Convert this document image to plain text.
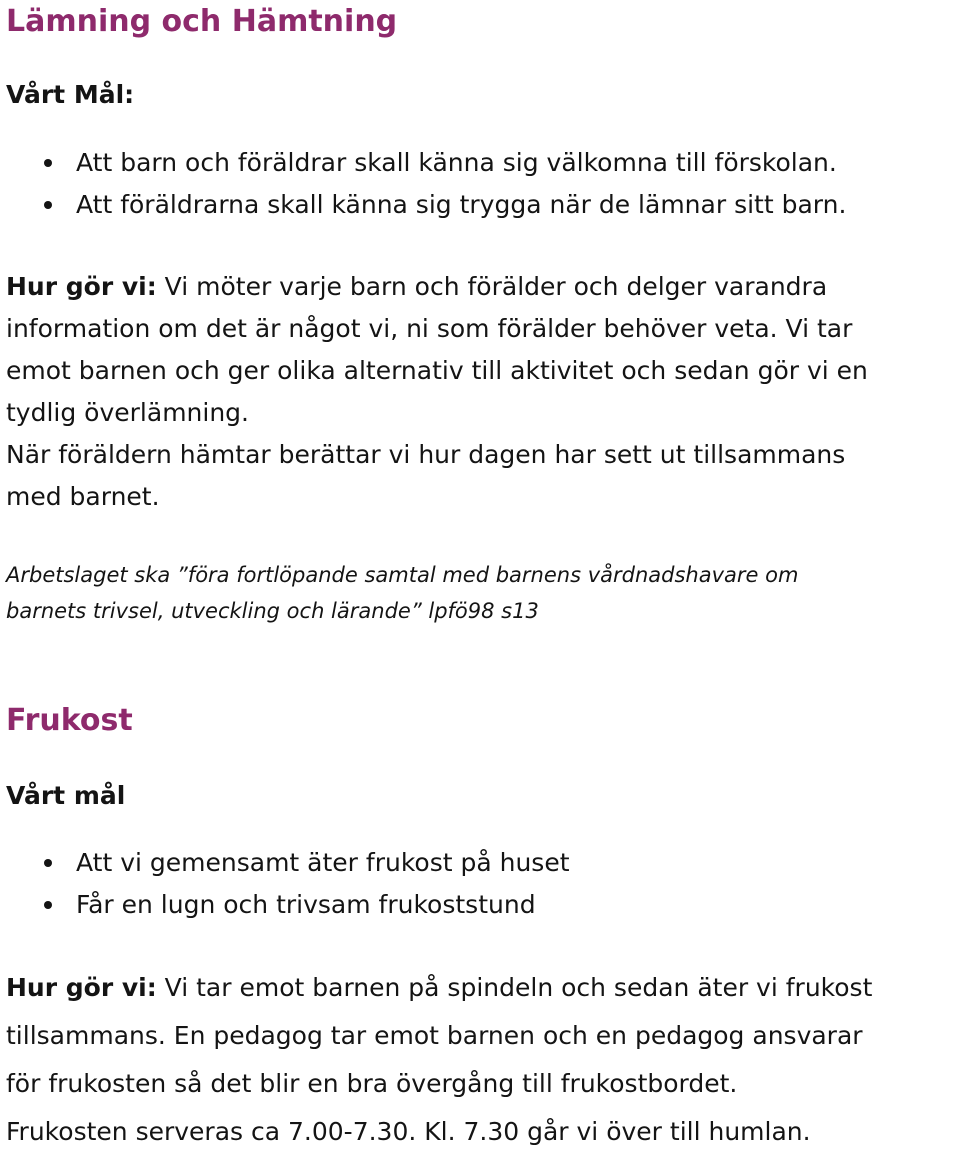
Lämning och Hämtning
Vårt Mål:
Att barn och föräldrar skall känna sig välkomna till förskolan.
Att föräldrarna skall känna sig trygga när de lämnar sitt barn.
Hur gör vi: Vi möter varje barn och förälder och delger varandra
information om det är något vi, ni som förälder behöver veta. Vi tar
emot barnen och ger olika alternativ till aktivitet och sedan gör vi en
tydlig överlämning.
När föräldern hämtar berättar vi hur dagen har sett ut tillsammans
med barnet.
Arbetslaget ska ”föra fortlöpande samtal med barnens vårdnadshavare om
barnets trivsel, utveckling och lärande” lpfö98 s13
Frukost
Vårt mål
Att vi gemensamt äter frukost på huset
Får en lugn och trivsam frukoststund
Hur gör vi: Vi tar emot barnen på spindeln och sedan äter vi frukost
tillsammans. En pedagog tar emot barnen och en pedagog ansvarar
för frukosten så det blir en bra övergång till frukostbordet.
Frukosten serveras ca 7.00-7.30. Kl. 7.30 går vi över till humlan.
